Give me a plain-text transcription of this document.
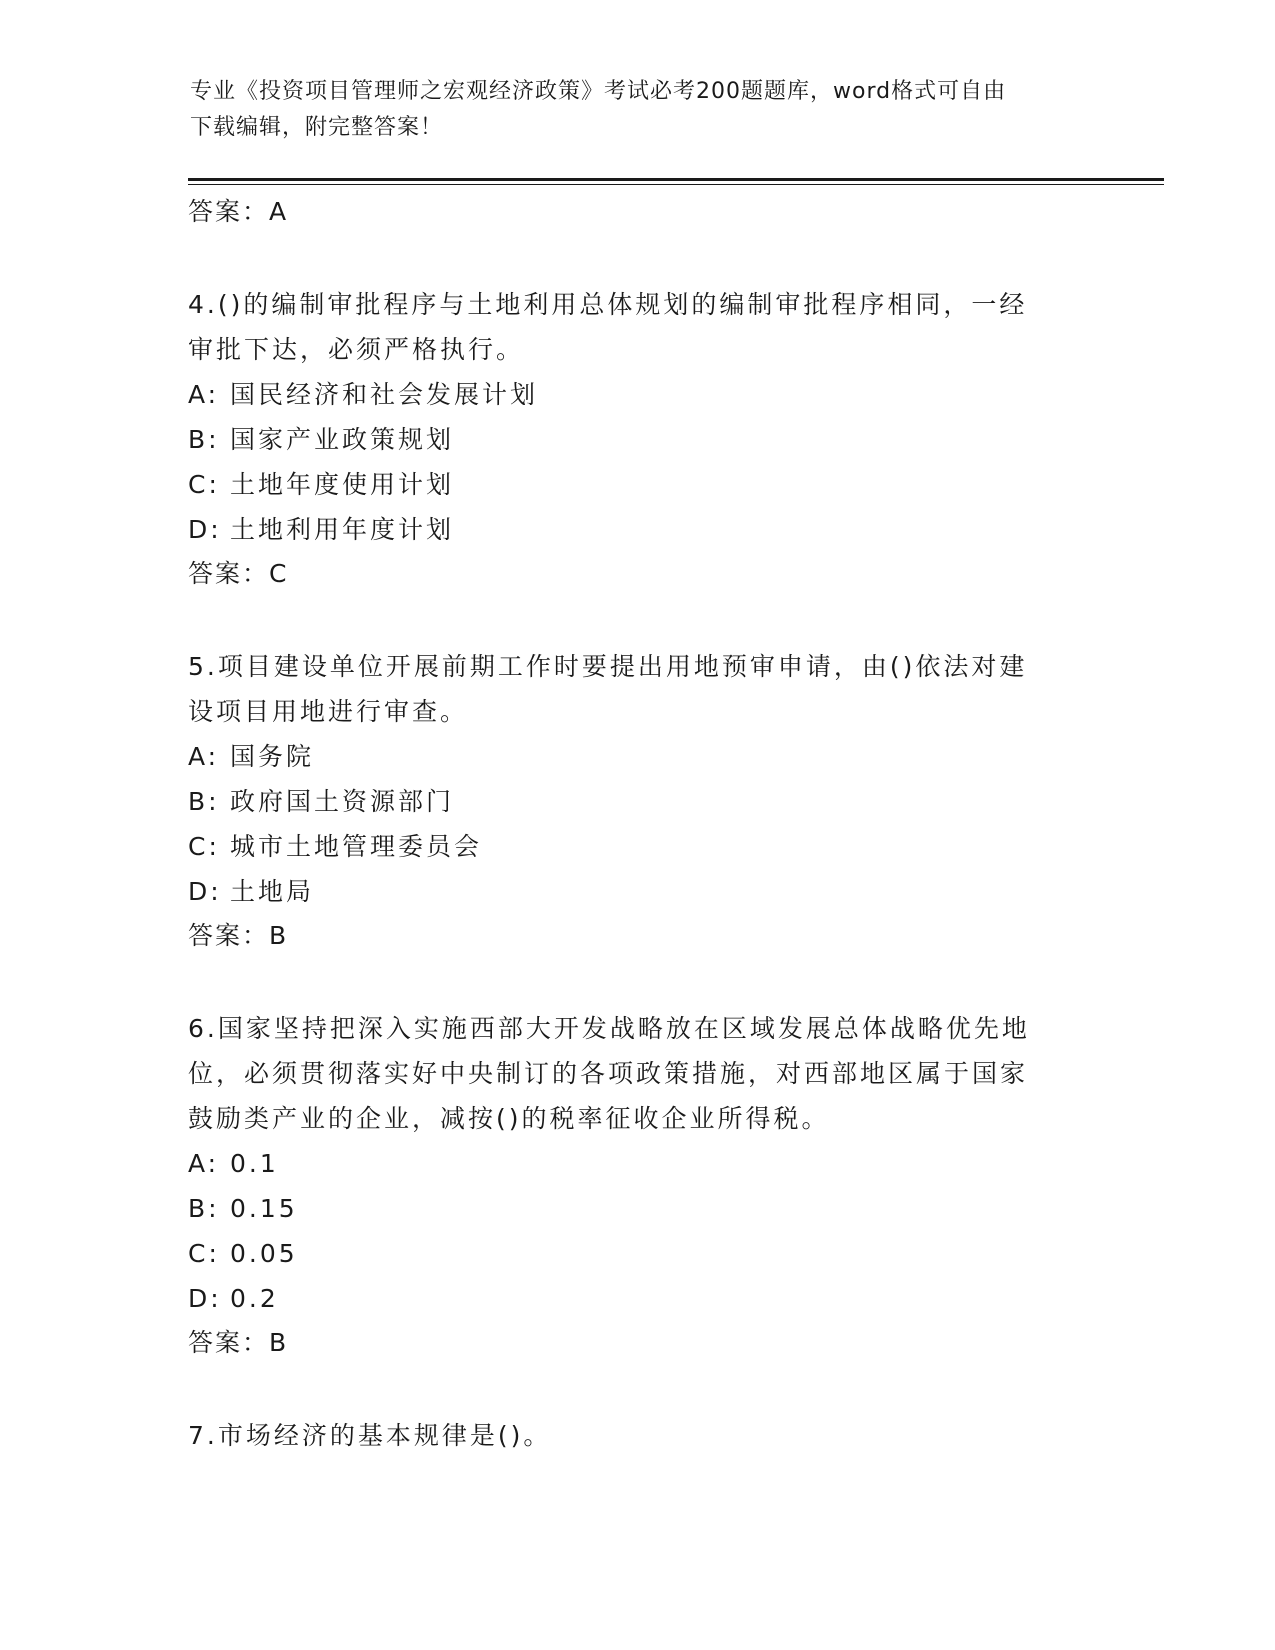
专业《投资项目管理师之宏观经济政策》考试必考200题题库，word格式可自由
下载编辑，附完整答案！
答案：A
4.()的编制审批程序与土地利用总体规划的编制审批程序相同，一经
审批下达，必须严格执行。
A: 国民经济和社会发展计划
B: 国家产业政策规划
C: 土地年度使用计划
D: 土地利用年度计划
答案：C
5.项目建设单位开展前期工作时要提出用地预审申请，由()依法对建
设项目用地进行审查。
A: 国务院
B: 政府国土资源部门
C: 城市土地管理委员会
D: 土地局
答案：B
6.国家坚持把深入实施西部大开发战略放在区域发展总体战略优先地
位，必须贯彻落实好中央制订的各项政策措施，对西部地区属于国家
鼓励类产业的企业，减按()的税率征收企业所得税。
A: 0.1
B: 0.15
C: 0.05
D: 0.2
答案：B
7.市场经济的基本规律是()。
